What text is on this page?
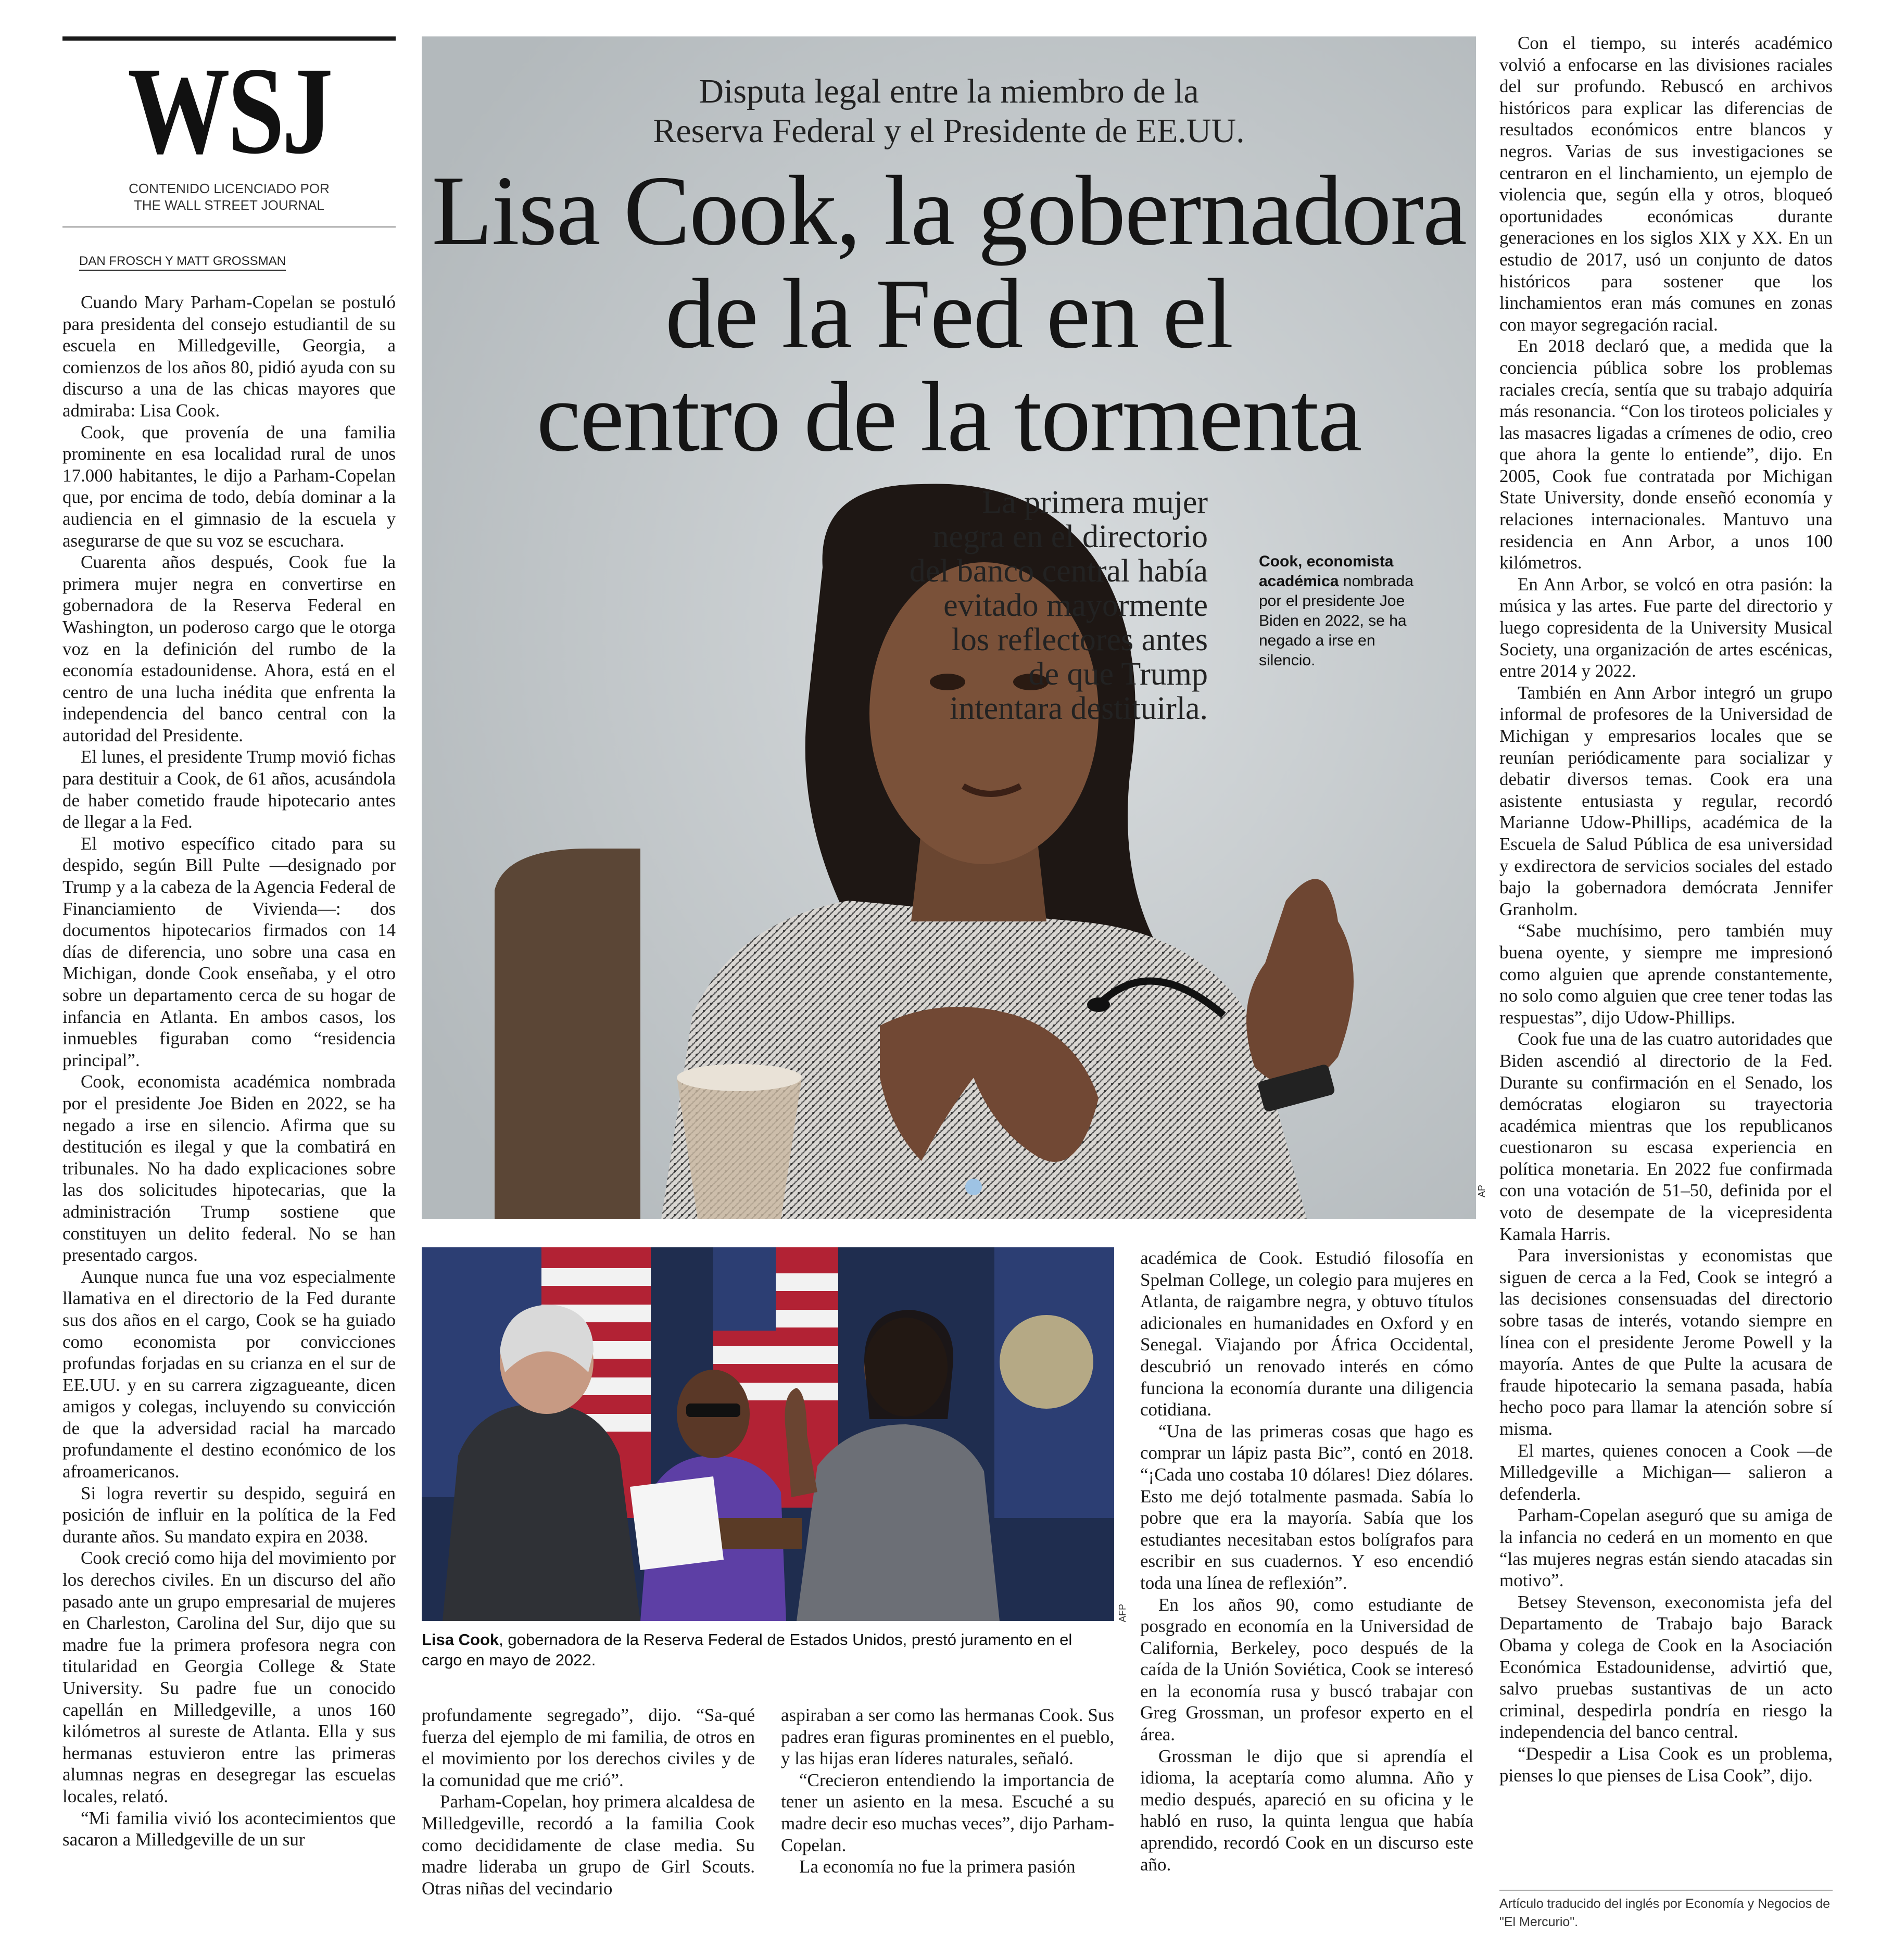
WSJ
CONTENIDO LICENCIADO POR
THE WALL STREET JOURNAL
DAN FROSCH Y MATT GROSSMAN

Cuando Mary Parham-Copelan se postuló para presidenta del consejo estudiantil de su escuela en Milledgeville, Georgia, a comienzos de los años 80, pidió ayuda con su discurso a una de las chicas mayores que admiraba: Lisa Cook.

Cook, que provenía de una familia prominente en esa localidad rural de unos 17.000 habitantes, le dijo a Parham-Copelan que, por encima de todo, debía dominar a la audiencia en el gimnasio de la escuela y asegurarse de que su voz se escuchara.

Cuarenta años después, Cook fue la primera mujer negra en convertirse en gobernadora de la Reserva Federal en Washington, un poderoso cargo que le otorga voz en la definición del rumbo de la economía estadounidense. Ahora, está en el centro de una lucha inédita que enfrenta la independencia del banco central con la autoridad del Presidente.

El lunes, el presidente Trump movió fichas para destituir a Cook, de 61 años, acusándola de haber cometido fraude hipotecario antes de llegar a la Fed.

El motivo específico citado para su despido, según Bill Pulte —designado por Trump y a la cabeza de la Agencia Federal de Financiamiento de Vivienda—: dos documentos hipotecarios firmados con 14 días de diferencia, uno sobre una casa en Michigan, donde Cook enseñaba, y el otro sobre un departamento cerca de su hogar de infancia en Atlanta. En ambos casos, los inmuebles figuraban como “residencia principal”.

Cook, economista académica nombrada por el presidente Joe Biden en 2022, se ha negado a irse en silencio. Afirma que su destitución es ilegal y que la combatirá en tribunales. No ha dado explicaciones sobre las dos solicitudes hipotecarias, que la administración Trump sostiene que constituyen un delito federal. No se han presentado cargos.

Aunque nunca fue una voz especialmente llamativa en el directorio de la Fed durante sus dos años en el cargo, Cook se ha guiado como economista por convicciones profundas forjadas en su crianza en el sur de EE.UU. y en su carrera zigzagueante, dicen amigos y colegas, incluyendo su convicción de que la adversidad racial ha marcado profundamente el destino económico de los afroamericanos.

Si logra revertir su despido, seguirá en posición de influir en la política de la Fed durante años. Su mandato expira en 2038.

Cook creció como hija del movimiento por los derechos civiles. En un discurso del año pasado ante un grupo empresarial de mujeres en Charleston, Carolina del Sur, dijo que su madre fue la primera profesora negra con titularidad en Georgia College & State University. Su padre fue un conocido capellán en Milledgeville, a unos 160 kilómetros al sureste de Atlanta. Ella y sus hermanas estuvieron entre las primeras alumnas negras en desegregar las escuelas locales, relató.

“Mi familia vivió los acontecimientos que sacaron a Milledgeville de un sur

Disputa legal entre la miembro de la
Reserva Federal y el Presidente de EE.UU.
Lisa Cook, la gobernadora
de la Fed en el
centro de la tormenta
La primera mujer
negra en el directorio
del banco central había
evitado mayormente
los reflectores antes
de que Trump
intentara destituirla.
Cook, economista académica nombrada por el presidente Joe Biden en 2022, se ha negado a irse en silencio.
AP
AFP
Lisa Cook, gobernadora de la Reserva Federal de Estados Unidos, prestó juramento en el cargo en mayo de 2022.

profundamente segregado”, dijo. “Sa-qué fuerza del ejemplo de mi familia, de otros en el movimiento por los derechos civiles y de la comunidad que me crió”.

Parham-Copelan, hoy primera alcaldesa de Milledgeville, recordó a la familia Cook como decididamente de clase media. Su madre lideraba un grupo de Girl Scouts. Otras niñas del vecindario

aspiraban a ser como las hermanas Cook. Sus padres eran figuras prominentes en el pueblo, y las hijas eran líderes naturales, señaló.

“Crecieron entendiendo la importancia de tener un asiento en la mesa. Escuché a su madre decir eso muchas veces”, dijo Parham-Copelan.

La economía no fue la primera pasión

académica de Cook. Estudió filosofía en Spelman College, un colegio para mujeres en Atlanta, de raigambre negra, y obtuvo títulos adicionales en humanidades en Oxford y en Senegal. Viajando por África Occidental, descubrió un renovado interés en cómo funciona la economía durante una diligencia cotidiana.

“Una de las primeras cosas que hago es comprar un lápiz pasta Bic”, contó en 2018. “¡Cada uno costaba 10 dólares! Diez dólares. Esto me dejó totalmente pasmada. Sabía lo pobre que era la mayoría. Sabía que los estudiantes necesitaban estos bolígrafos para escribir en sus cuadernos. Y eso encendió toda una línea de reflexión”.

En los años 90, como estudiante de posgrado en economía en la Universidad de California, Berkeley, poco después de la caída de la Unión Soviética, Cook se interesó en la economía rusa y buscó trabajar con Greg Grossman, un profesor experto en el área.

Grossman le dijo que si aprendía el idioma, la aceptaría como alumna. Año y medio después, apareció en su oficina y le habló en ruso, la quinta lengua que había aprendido, recordó Cook en un discurso este año.

Con el tiempo, su interés académico volvió a enfocarse en las divisiones raciales del sur profundo. Rebuscó en archivos históricos para explicar las diferencias de resultados económicos entre blancos y negros. Varias de sus investigaciones se centraron en el linchamiento, un ejemplo de violencia que, según ella y otros, bloqueó oportunidades económicas durante generaciones en los siglos XIX y XX. En un estudio de 2017, usó un conjunto de datos históricos para sostener que los linchamientos eran más comunes en zonas con mayor segregación racial.

En 2018 declaró que, a medida que la conciencia pública sobre los problemas raciales crecía, sentía que su trabajo adquiría más resonancia. “Con los tiroteos policiales y las masacres ligadas a crímenes de odio, creo que ahora la gente lo entiende”, dijo. En 2005, Cook fue contratada por Michigan State University, donde enseñó economía y relaciones internacionales. Mantuvo una residencia en Ann Arbor, a unos 100 kilómetros.

En Ann Arbor, se volcó en otra pasión: la música y las artes. Fue parte del directorio y luego copresidenta de la University Musical Society, una organización de artes escénicas, entre 2014 y 2022.

También en Ann Arbor integró un grupo informal de profesores de la Universidad de Michigan y empresarios locales que se reunían periódicamente para socializar y debatir diversos temas. Cook era una asistente entusiasta y regular, recordó Marianne Udow-Phillips, académica de la Escuela de Salud Pública de esa universidad y exdirectora de servicios sociales del estado bajo la gobernadora demócrata Jennifer Granholm.

“Sabe muchísimo, pero también muy buena oyente, y siempre me impresionó como alguien que aprende constantemente, no solo como alguien que cree tener todas las respuestas”, dijo Udow-Phillips.

Cook fue una de las cuatro autoridades que Biden ascendió al directorio de la Fed. Durante su confirmación en el Senado, los demócratas elogiaron su trayectoria académica mientras que los republicanos cuestionaron su escasa experiencia en política monetaria. En 2022 fue confirmada con una votación de 51–50, definida por el voto de desempate de la vicepresidenta Kamala Harris.

Para inversionistas y economistas que siguen de cerca a la Fed, Cook se integró a las decisiones consensuadas del directorio sobre tasas de interés, votando siempre en línea con el presidente Jerome Powell y la mayoría. Antes de que Pulte la acusara de fraude hipotecario la semana pasada, había hecho poco para llamar la atención sobre sí misma.

El martes, quienes conocen a Cook —de Milledgeville a Michigan— salieron a defenderla.

Parham-Copelan aseguró que su amiga de la infancia no cederá en un momento en que “las mujeres negras están siendo atacadas sin motivo”.

Betsey Stevenson, execonomista jefa del Departamento de Trabajo bajo Barack Obama y colega de Cook en la Asociación Económica Estadounidense, advirtió que, salvo pruebas sustantivas de un acto criminal, despedirla pondría en riesgo la independencia del banco central.

“Despedir a Lisa Cook es un problema, pienses lo que pienses de Lisa Cook”, dijo.

Artículo traducido del inglés por Economía y Negocios de "El Mercurio".
